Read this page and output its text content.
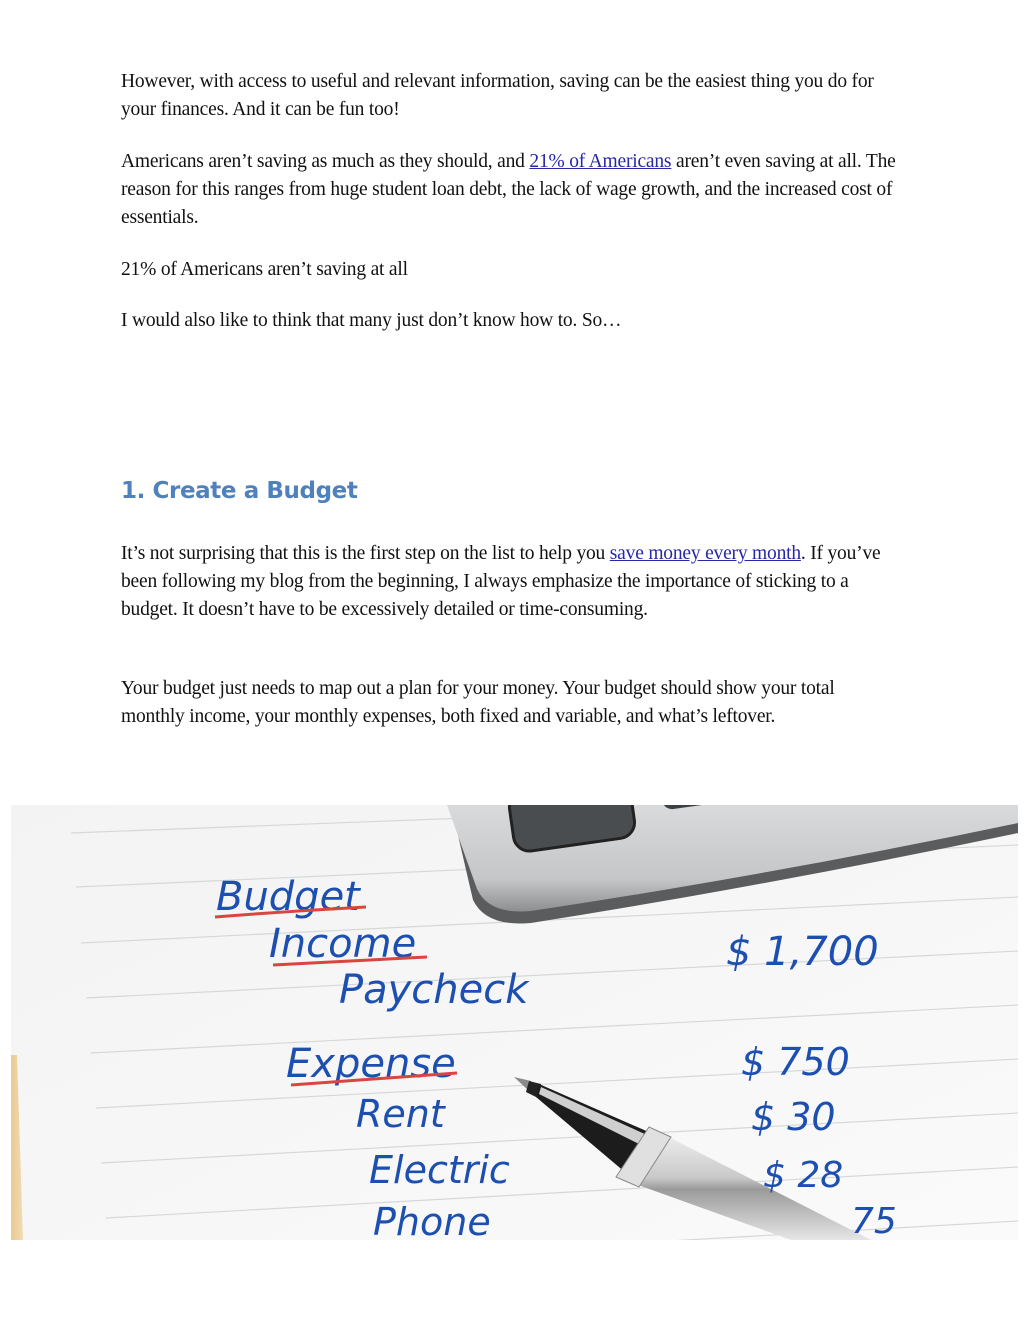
However, with access to useful and relevant information, saving can be the easiest thing you do for your finances. And it can be fun too!

Americans aren’t saving as much as they should, and 21% of Americans aren’t even saving at all. The reason for this ranges from huge student loan debt, the lack of wage growth, and the increased cost of essentials.

21% of Americans aren’t saving at all

I would also like to think that many just don’t know how to. So…

1. Create a Budget

It’s not surprising that this is the first step on the list to help you save money every month. If you’ve been following my blog from the beginning, I always emphasize the importance of sticking to a budget. It doesn’t have to be excessively detailed or time-consuming.

Your budget just needs to map out a plan for your money. Your budget should show your total monthly income, your monthly expenses, both fixed and variable, and what’s leftover.

Budget
Income
Paycheck
$ 1,700
Expense
Rent
$ 750
Electric
$ 30
Phone
$ 28
75
